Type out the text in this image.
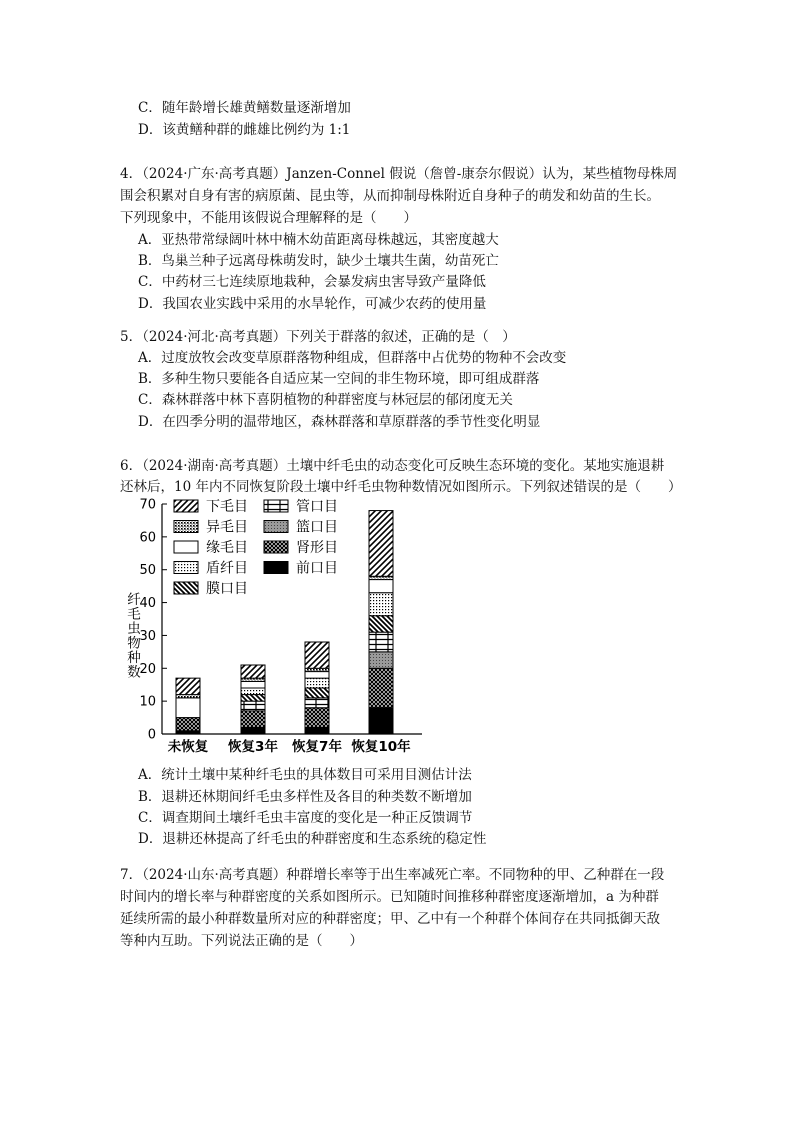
C．随年龄增长雄黄鳝数量逐渐增加
D．该黄鳝种群的雌雄比例约为 1:1
4．（2024·广东·高考真题）Janzen-Connel 假说（詹曾-康奈尔假说）认为，某些植物母株周
围会积累对自身有害的病原菌、昆虫等，从而抑制母株附近自身种子的萌发和幼苗的生长。
下列现象中，不能用该假说合理解释的是（　　）
A．亚热带常绿阔叶林中楠木幼苗距离母株越远，其密度越大
B．鸟巢兰种子远离母株萌发时，缺少土壤共生菌，幼苗死亡
C．中药材三七连续原地栽种，会暴发病虫害导致产量降低
D．我国农业实践中采用的水旱轮作，可减少农药的使用量
5．（2024·河北·高考真题）下列关于群落的叙述，正确的是（　）
A．过度放牧会改变草原群落物种组成，但群落中占优势的物种不会改变
B．多种生物只要能各自适应某一空间的非生物环境，即可组成群落
C．森林群落中林下喜阴植物的种群密度与林冠层的郁闭度无关
D．在四季分明的温带地区，森林群落和草原群落的季节性变化明显
6．（2024·湖南·高考真题）土壤中纤毛虫的动态变化可反映生态环境的变化。某地实施退耕
还林后，10 年内不同恢复阶段土壤中纤毛虫物种数情况如图所示。下列叙述错误的是（　　）
A．统计土壤中某种纤毛虫的具体数目可采用目测估计法
B．退耕还林期间纤毛虫多样性及各目的种类数不断增加
C．调查期间土壤纤毛虫丰富度的变化是一种正反馈调节
D．退耕还林提高了纤毛虫的种群密度和生态系统的稳定性
7．（2024·山东·高考真题）种群增长率等于出生率减死亡率。不同物种的甲、乙种群在一段
时间内的增长率与种群密度的关系如图所示。已知随时间推移种群密度逐渐增加，a 为种群
延续所需的最小种群数量所对应的种群密度；甲、乙中有一个种群个体间存在共同抵御天敌
等种内互助。下列说法正确的是（　　）
0
10
20
30
40
50
60
70
纤毛虫物种数
未恢复 恢复3年 恢复7年 恢复10年
下毛目	管口目
异毛目	篮口目
缘毛目	肾形目
盾纤目	前口目
膜口目
